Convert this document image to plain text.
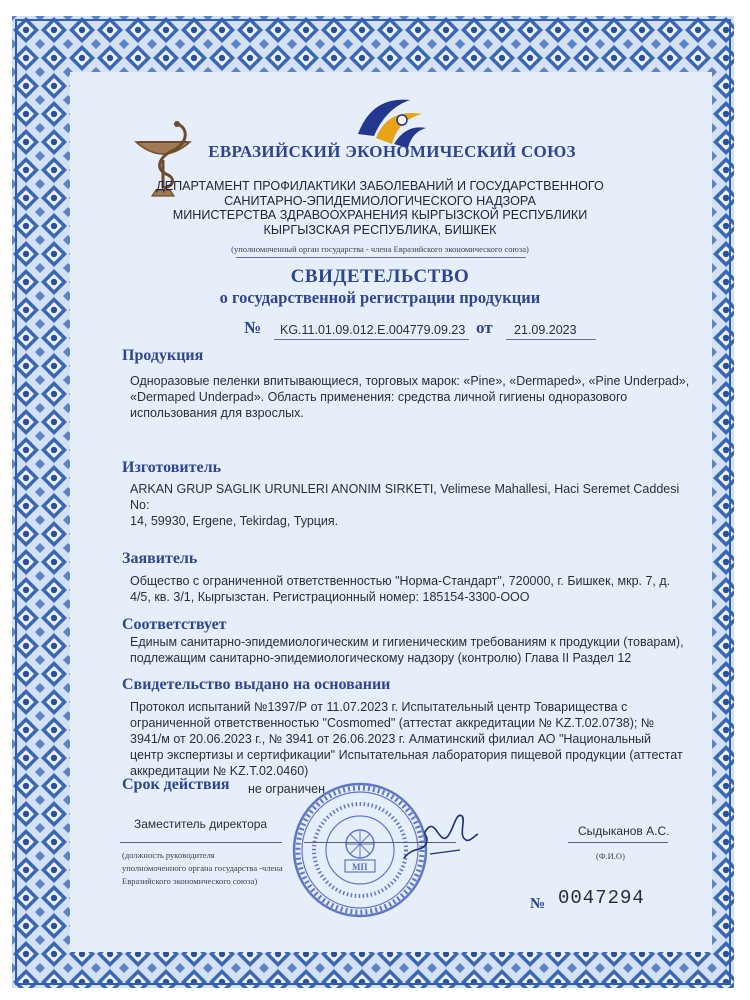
ЕВРАЗИЙСКИЙ ЭКОНОМИЧЕСКИЙ СОЮЗ
ДЕПАРТАМЕНТ ПРОФИЛАКТИКИ ЗАБОЛЕВАНИЙ И ГОСУДАРСТВЕННОГО
САНИТАРНО-ЭПИДЕМИОЛОГИЧЕСКОГО НАДЗОРА
МИНИСТЕРСТВА ЗДРАВООХРАНЕНИЯ КЫРГЫЗСКОЙ РЕСПУБЛИКИ
КЫРГЫЗСКАЯ РЕСПУБЛИКА, БИШКЕК
(уполномоченный орган государства - члена Евразийского экономического союза)
СВИДЕТЕЛЬСТВО
о государственной регистрации продукции
№ KG.11.01.09.012.E.004779.09.23 от 21.09.2023
Продукция
Одноразовые пеленки впитывающиеся, торговых марок: «Pine», «Dermaped», «Pine Underpad»,
«Dermaped Underpad». Область применения: средства личной гигиены одноразового
использования для взрослых.
Изготовитель
ARKAN GRUP SAGLIK URUNLERI ANONIM SIRKETI, Velimese Mahallesi, Haci Seremet Caddesi No:
14, 59930, Ergene, Tekirdag, Турция.
Заявитель
Общество с ограниченной ответственностью "Норма-Стандарт", 720000, г. Бишкек, мкр. 7, д.
4/5, кв. 3/1, Кыргызстан. Регистрационный номер: 185154-3300-ООО
Соответствует
Единым санитарно-эпидемиологическим и гигиеническим требованиям к продукции (товарам),
подлежащим санитарно-эпидемиологическому надзору (контролю) Глава II Раздел 12
Свидетельство выдано на основании
Протокол испытаний №1397/Р от 11.07.2023 г. Испытательный центр Товарищества с
ограниченной ответственностью "Cosmomed" (аттестат аккредитации № KZ.T.02.0738); №
3941/м от 20.06.2023 г., № 3941 от 26.06.2023 г. Алматинский филиал АО "Национальный
центр экспертизы и сертификации" Испытательная лаборатория пищевой продукции (аттестат
аккредитации № KZ.T.02.0460)
Срок действия не ограничен
Заместитель директора	Сыдыканов А.С.
(должность руководителя
уполномоченного органа государства -члена
Евразийского экономического союза)
(Ф.И.О)
МП
№ 0047294
